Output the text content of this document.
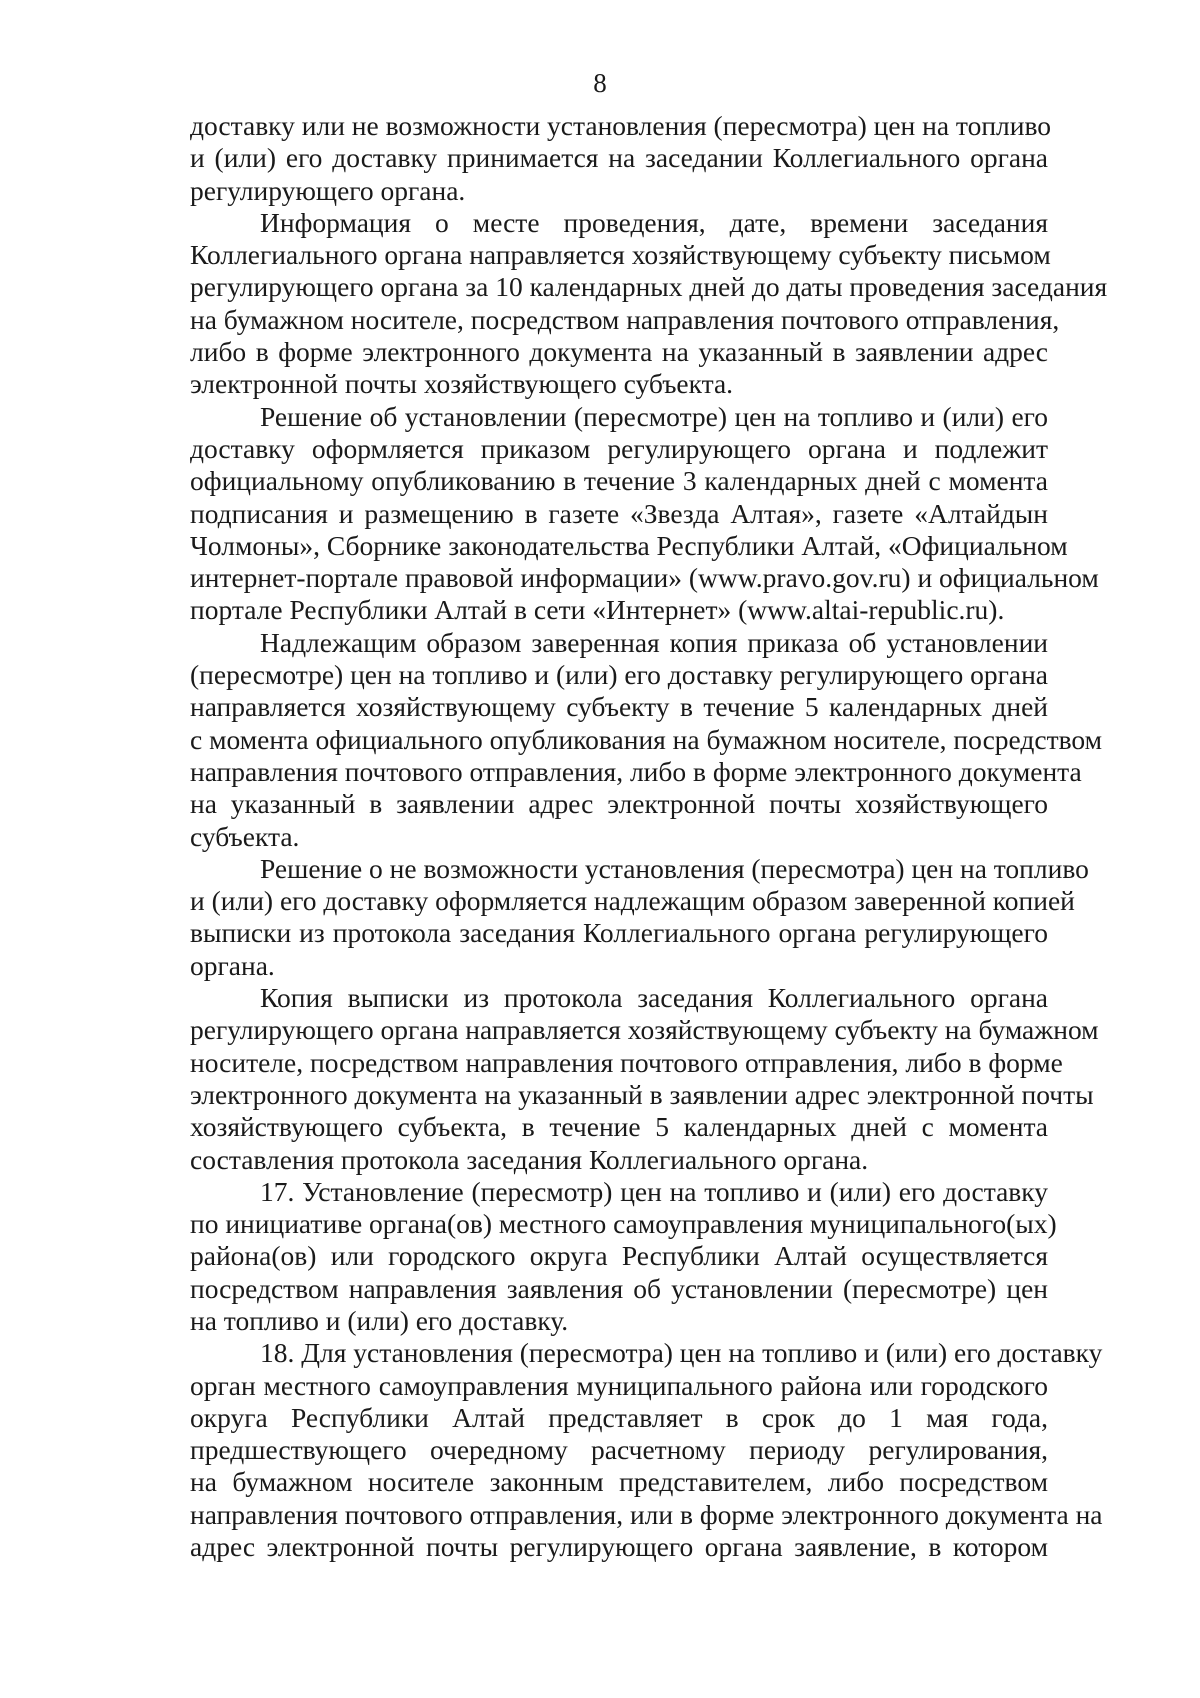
8
доставку или не возможности установления (пересмотра) цен на топливо
и (или) его доставку принимается на заседании Коллегиального органа
регулирующего органа.
Информация о месте проведения, дате, времени заседания
Коллегиального органа направляется хозяйствующему субъекту письмом
регулирующего органа за 10 календарных дней до даты проведения заседания
на бумажном носителе, посредством направления почтового отправления,
либо в форме электронного документа на указанный в заявлении адрес
электронной почты хозяйствующего субъекта.
Решение об установлении (пересмотре) цен на топливо и (или) его
доставку оформляется приказом регулирующего органа и подлежит
официальному опубликованию в течение 3 календарных дней с момента
подписания и размещению в газете «Звезда Алтая», газете «Алтайдын
Чолмоны», Сборнике законодательства Республики Алтай, «Официальном
интернет-портале правовой информации» (www.pravo.gov.ru) и официальном
портале Республики Алтай в сети «Интернет» (www.altai-republic.ru).
Надлежащим образом заверенная копия приказа об установлении
(пересмотре) цен на топливо и (или) его доставку регулирующего органа
направляется хозяйствующему субъекту в течение 5 календарных дней
с момента официального опубликования на бумажном носителе, посредством
направления почтового отправления, либо в форме электронного документа
на указанный в заявлении адрес электронной почты хозяйствующего
субъекта.
Решение о не возможности установления (пересмотра) цен на топливо
и (или) его доставку оформляется надлежащим образом заверенной копией
выписки из протокола заседания Коллегиального органа регулирующего
органа.
Копия выписки из протокола заседания Коллегиального органа
регулирующего органа направляется хозяйствующему субъекту на бумажном
носителе, посредством направления почтового отправления, либо в форме
электронного документа на указанный в заявлении адрес электронной почты
хозяйствующего субъекта, в течение 5 календарных дней с момента
составления протокола заседания Коллегиального органа.
17. Установление (пересмотр) цен на топливо и (или) его доставку
по инициативе органа(ов) местного самоуправления муниципального(ых)
района(ов) или городского округа Республики Алтай осуществляется
посредством направления заявления об установлении (пересмотре) цен
на топливо и (или) его доставку.
18. Для установления (пересмотра) цен на топливо и (или) его доставку
орган местного самоуправления муниципального района или городского
округа Республики Алтай представляет в срок до 1 мая года,
предшествующего очередному расчетному периоду регулирования,
на бумажном носителе законным представителем, либо посредством
направления почтового отправления, или в форме электронного документа на
адрес электронной почты регулирующего органа заявление, в котором
